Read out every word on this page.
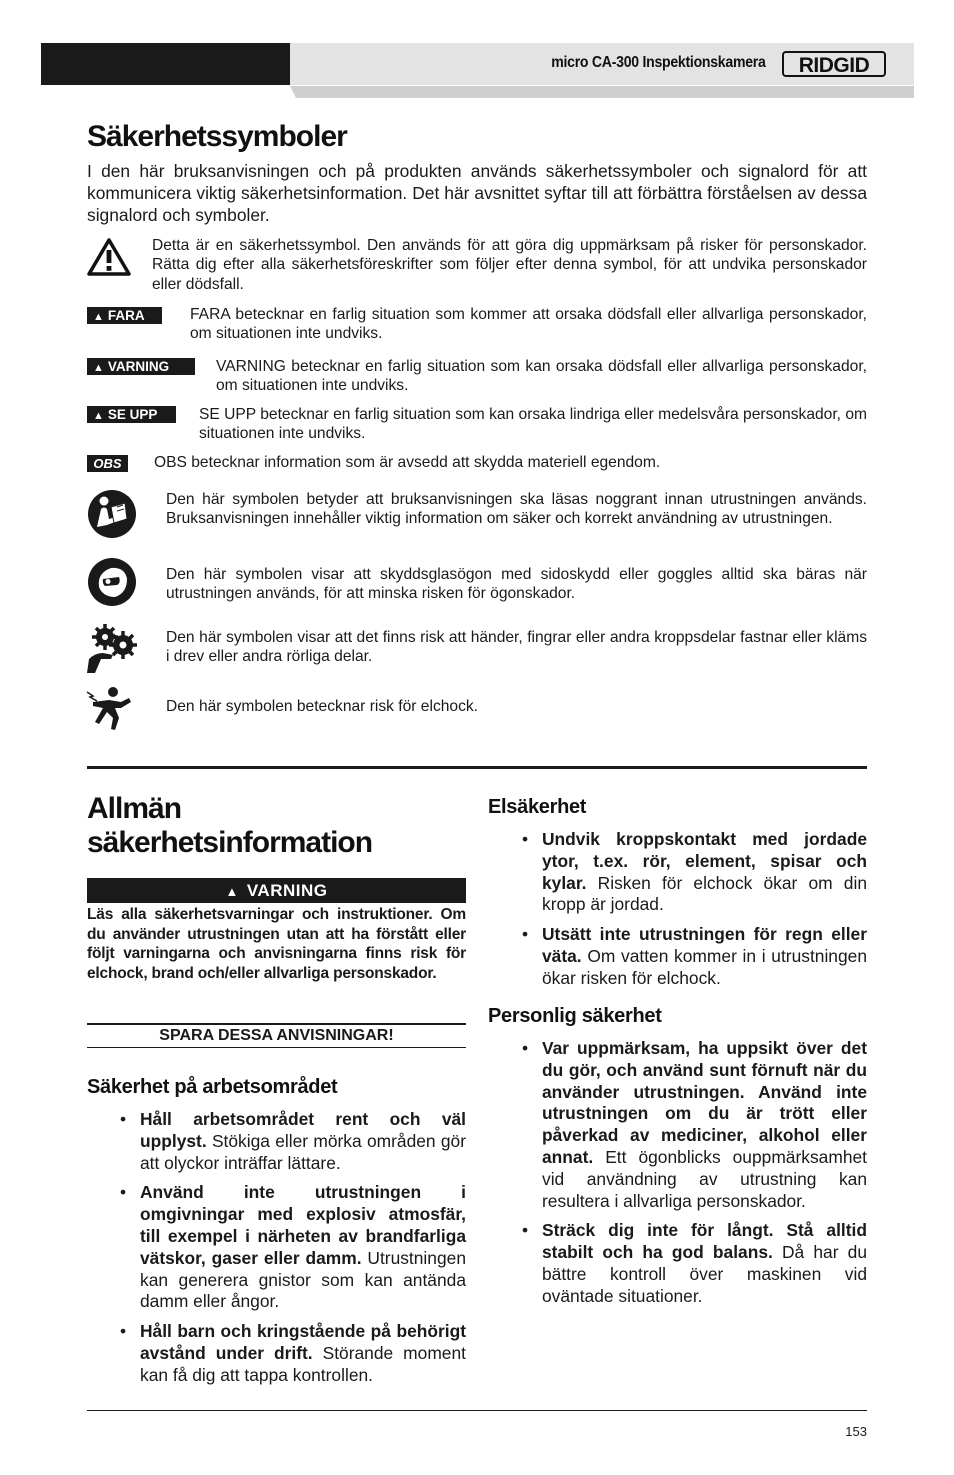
micro CA-300 Inspektionskamera RIDGID
Säkerhetssymboler
I den här bruksanvisningen och på produkten används säkerhetssymboler och signalord för att kommunicera viktig säkerhetsinformation. Det här avsnittet syftar till att förbättra förståelsen av dessa signalord och symboler.
Detta är en säkerhetssymbol. Den används för att göra dig uppmärksam på risker för personskador. Rätta dig efter alla säkerhetsföreskrifter som följer efter denna symbol, för att undvika personskador eller dödsfall.
▲ FARA	FARA betecknar en farlig situation som kommer att orsaka dödsfall eller allvarliga personskador, om situationen inte undviks.
▲ VARNING	VARNING betecknar en farlig situation som kan orsaka dödsfall eller allvarliga personskador, om situationen inte undviks.
▲ SE UPP	SE UPP betecknar en farlig situation som kan orsaka lindriga eller medelsvåra personskador, om situationen inte undviks.
OBS	OBS betecknar information som är avsedd att skydda materiell egendom.
Den här symbolen betyder att bruksanvisningen ska läsas noggrant innan utrustningen används. Bruksanvisningen innehåller viktig information om säker och korrekt användning av utrustningen.
Den här symbolen visar att skyddsglasögon med sidoskydd eller goggles alltid ska bäras när utrustningen används, för att minska risken för ögonskador.
Den här symbolen visar att det finns risk att händer, fingrar eller andra kroppsdelar fastnar eller kläms i drev eller andra rörliga delar.
Den här symbolen betecknar risk för elchock.
Allmän
säkerhetsinformation
▲ VARNING
Läs alla säkerhetsvarningar och instruktioner. Om du använder utrustningen utan att ha förstått eller följt varningarna och anvisningarna finns risk för elchock, brand och/eller allvarliga personskador.
SPARA DESSA ANVISNINGAR!
Säkerhet på arbetsområdet
• Håll arbetsområdet rent och väl upplyst. Stökiga eller mörka områden gör att olyckor inträffar lättare.
• Använd inte utrustningen i omgivningar med explosiv atmosfär, till exempel i närheten av brandfarliga vätskor, gaser eller damm. Utrustningen kan generera gnistor som kan antända damm eller ångor.
• Håll barn och kringstående på behörigt avstånd under drift. Störande moment kan få dig att tappa kontrollen.
Elsäkerhet
• Undvik kroppskontakt med jordade ytor, t.ex. rör, element, spisar och kylar. Risken för elchock ökar om din kropp är jordad.
• Utsätt inte utrustningen för regn eller väta. Om vatten kommer in i utrustningen ökar risken för elchock.
Personlig säkerhet
• Var uppmärksam, ha uppsikt över det du gör, och använd sunt förnuft när du använder utrustningen. Använd inte utrustningen om du är trött eller påverkad av mediciner, alkohol eller annat. Ett ögonblicks ouppmärksamhet vid användning av utrustning kan resultera i allvarliga personskador.
• Sträck dig inte för långt. Stå alltid stabilt och ha god balans. Då har du bättre kontroll över maskinen vid oväntade situationer.
153
